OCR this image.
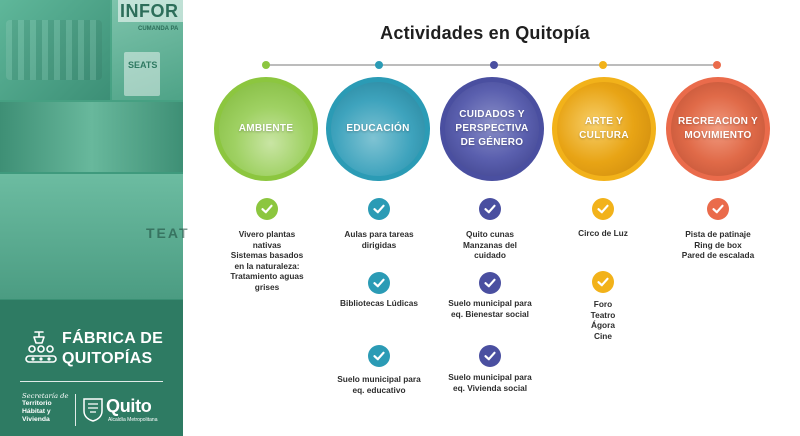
INFOR
CUMANDA PA
SEATS
TEAT
FÁBRICA DE
QUITOPÍAS
Secretaría de
Territorio
Hábitat y
Vivienda
Quito
Alcaldía Metropolitana
Actividades en Quitopía
AMBIENTE	EDUCACIÓN
CUIDADOS Y
PERSPECTIVA
DE GÉNERO
ARTE Y
CULTURA
RECREACION Y
MOVIMIENTO
Vivero plantas
nativas
Sistemas basados
en la naturaleza:
Tratamiento aguas
grises
Aulas para tareas
dirigidas
Bibliotecas Lúdicas
Suelo municipal para
eq. educativo
Quito cunas
Manzanas del
cuidado
Suelo municipal para
eq. Bienestar social
Suelo municipal para
eq. Vivienda social
Circo de Luz
Foro
Teatro
Ágora
Cine
Pista de patinaje
Ring de box
Pared de escalada
